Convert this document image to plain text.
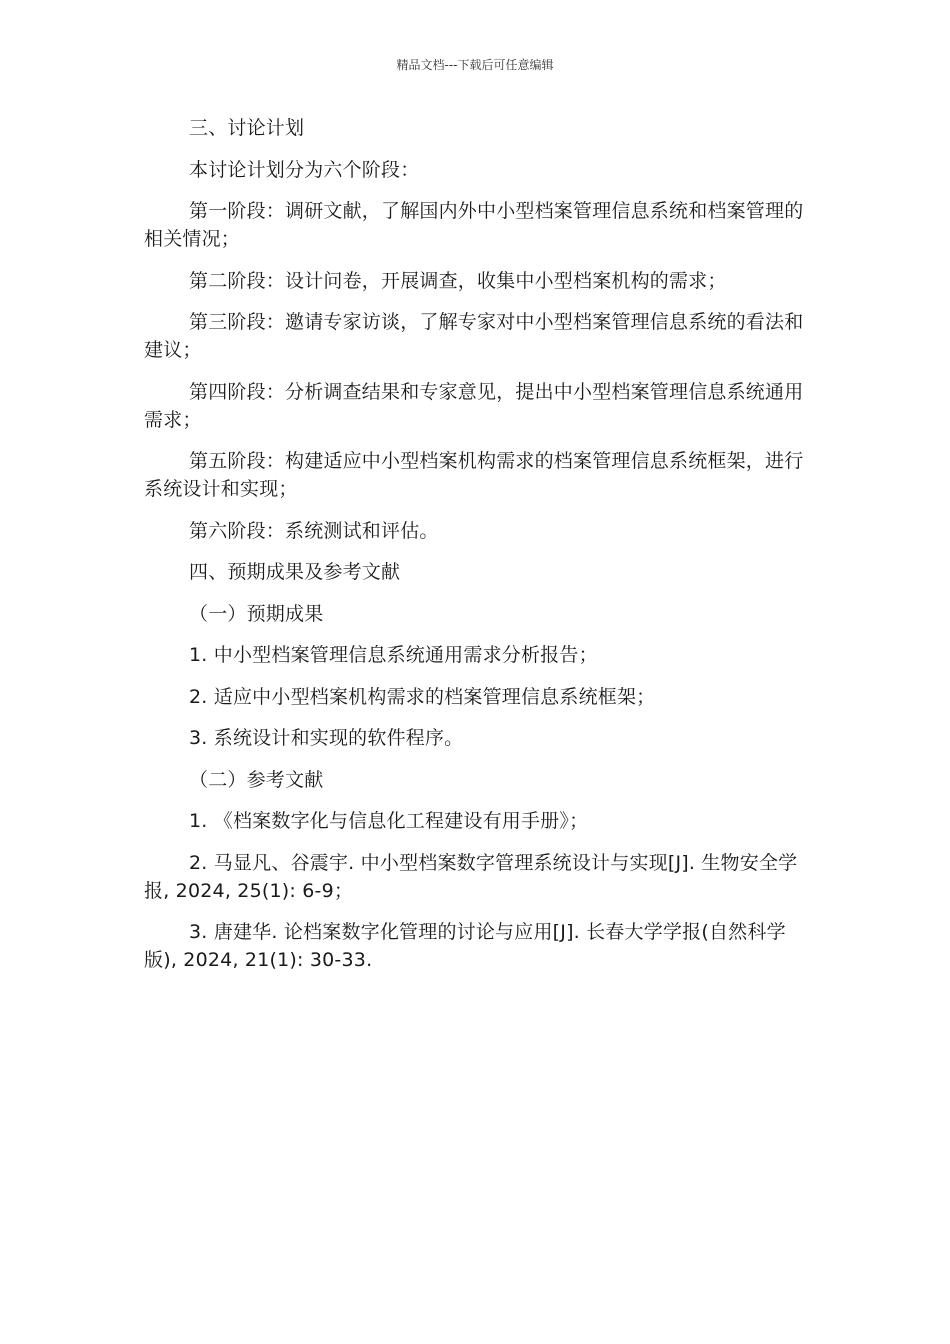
精品文档---下载后可任意编辑

三、讨论计划

本讨论计划分为六个阶段：

第一阶段：调研文献，了解国内外中小型档案管理信息系统和档案管理的相关情况；

第二阶段：设计问卷，开展调查，收集中小型档案机构的需求；

第三阶段：邀请专家访谈，了解专家对中小型档案管理信息系统的看法和建议；

第四阶段：分析调查结果和专家意见，提出中小型档案管理信息系统通用需求；

第五阶段：构建适应中小型档案机构需求的档案管理信息系统框架，进行系统设计和实现；

第六阶段：系统测试和评估。

四、预期成果及参考文献

（一）预期成果

1. 中小型档案管理信息系统通用需求分析报告；

2. 适应中小型档案机构需求的档案管理信息系统框架；

3. 系统设计和实现的软件程序。

（二）参考文献

1. 《档案数字化与信息化工程建设有用手册》；

2. 马显凡、谷震宇. 中小型档案数字管理系统设计与实现[J]. 生物安全学报, 2024, 25(1): 6-9；

3. 唐建华. 论档案数字化管理的讨论与应用[J]. 长春大学学报(自然科学版), 2024, 21(1): 30-33.
